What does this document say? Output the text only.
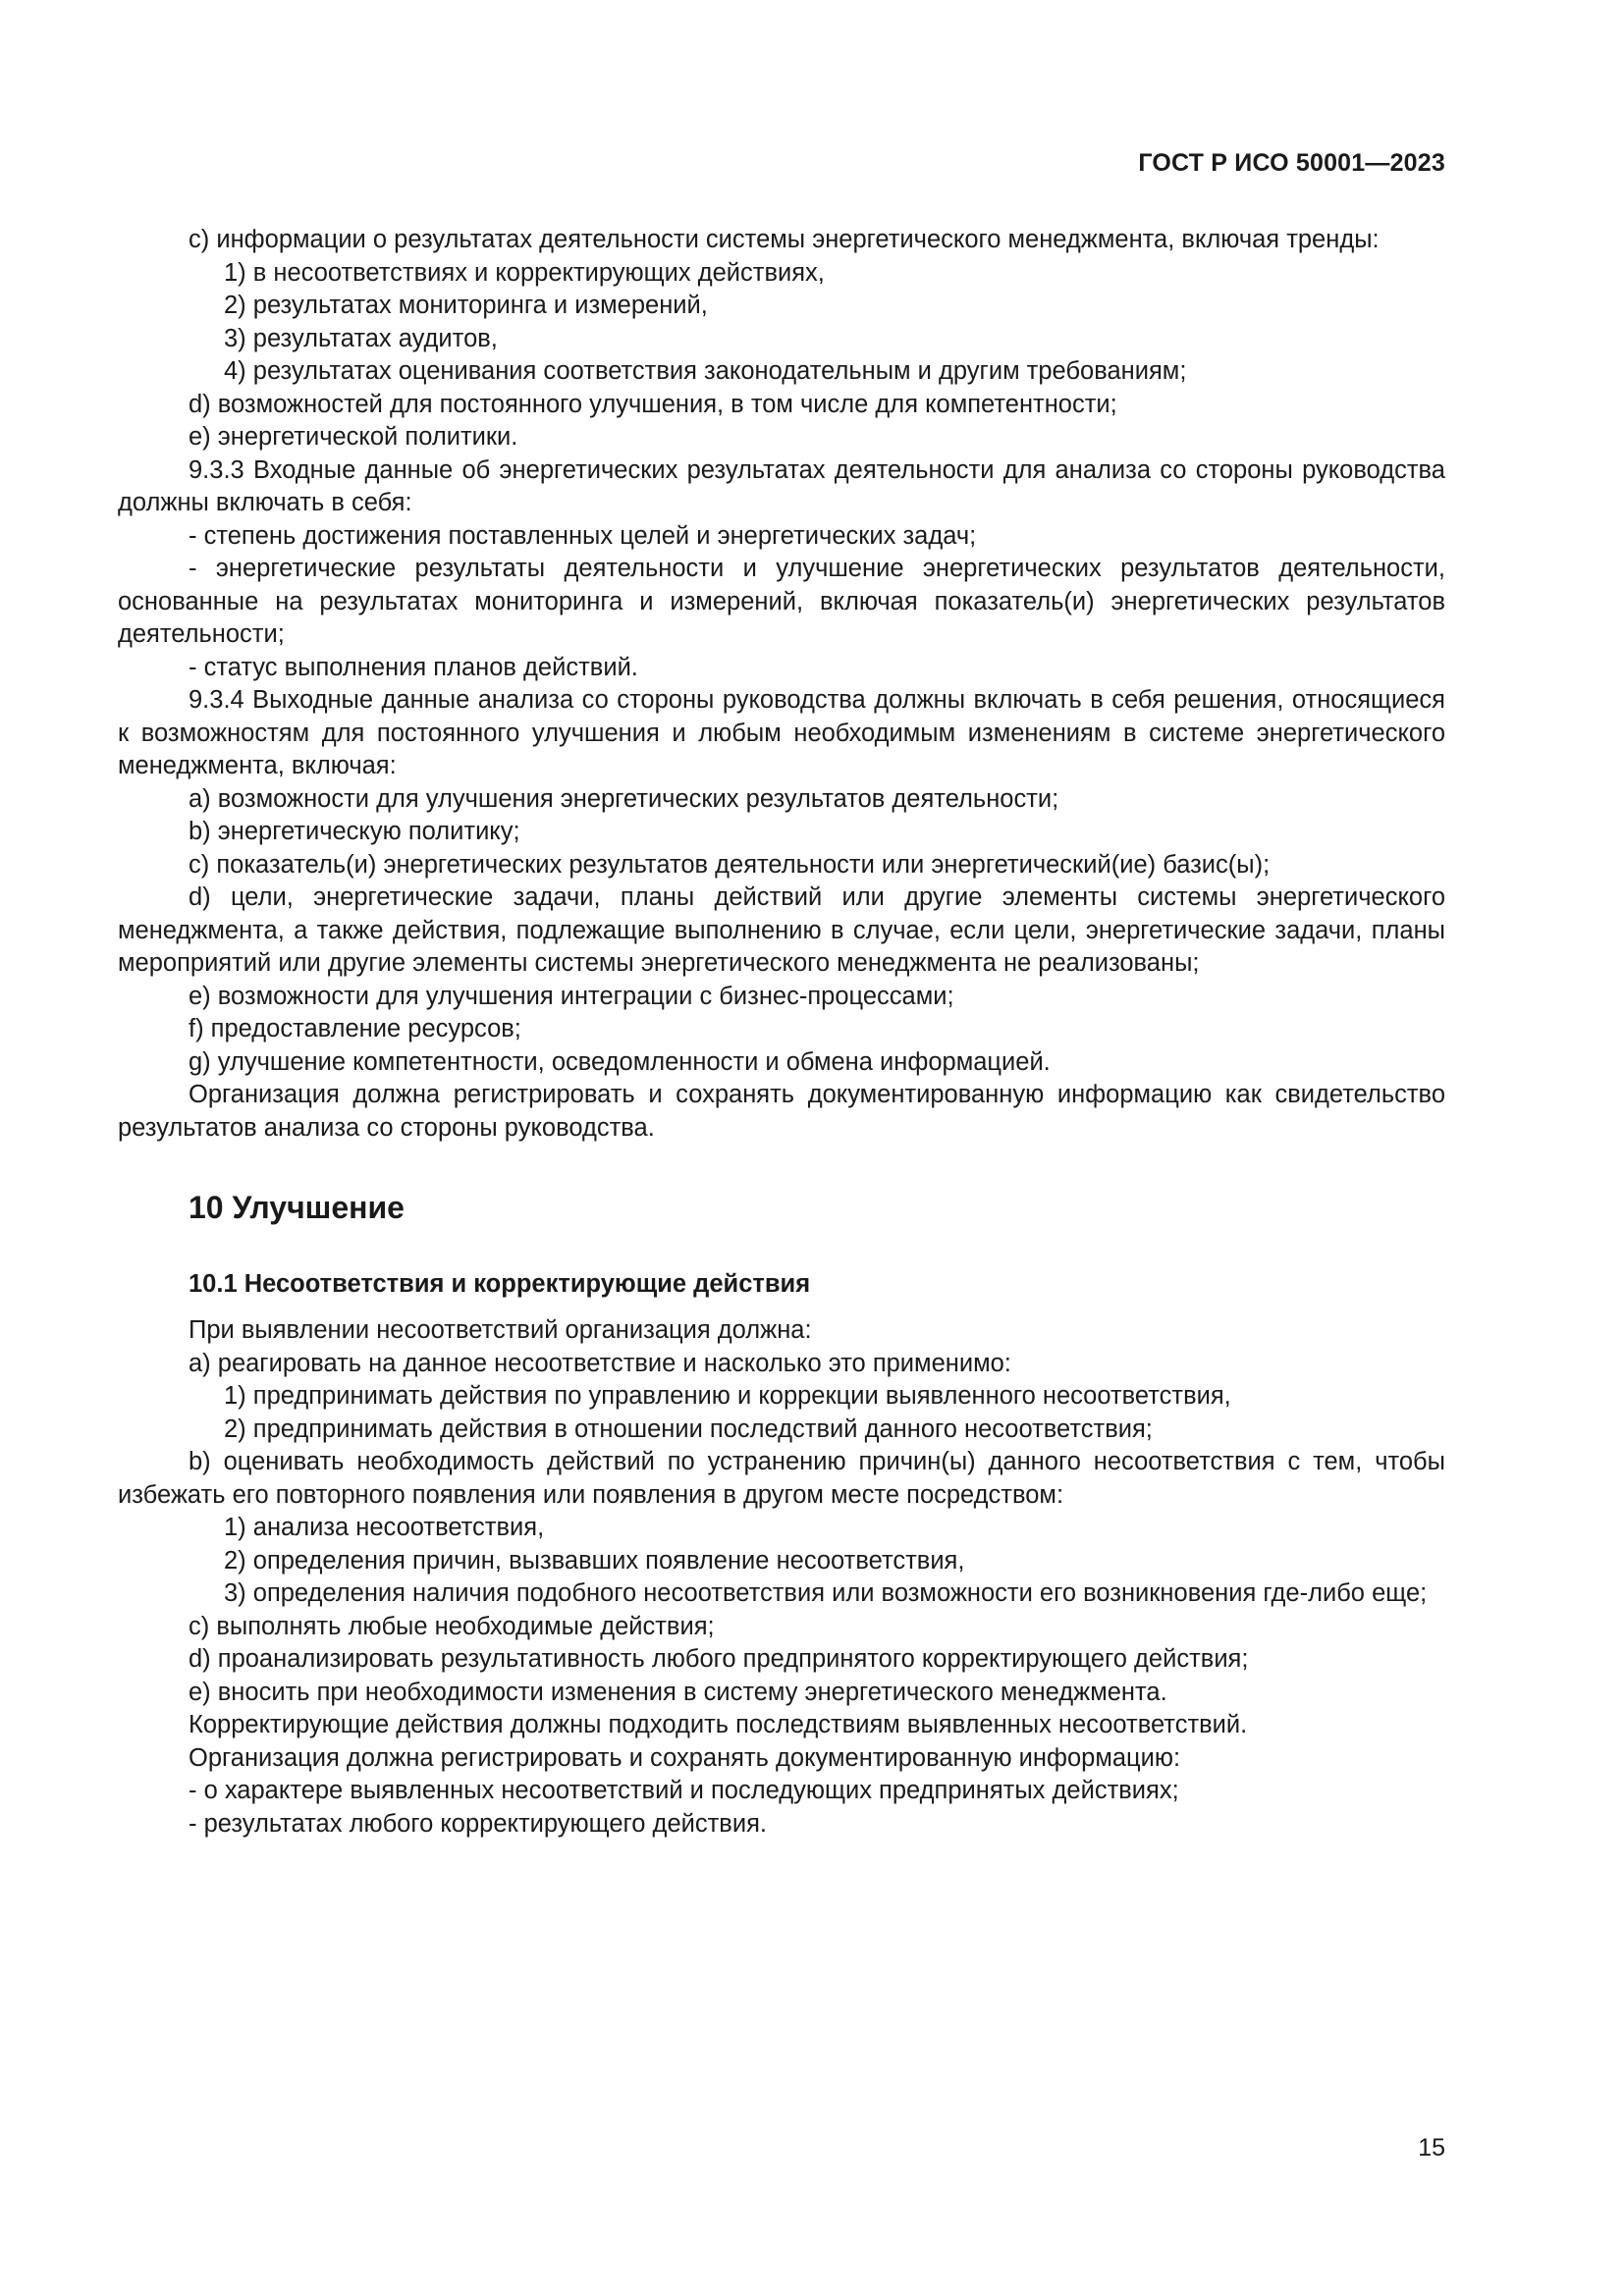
ГОСТ Р ИСО 50001—2023

c) информации о результатах деятельности системы энергетического менеджмента, включая тренды:

1) в несоответствиях и корректирующих действиях,

2) результатах мониторинга и измерений,

3) результатах аудитов,

4) результатах оценивания соответствия законодательным и другим требованиям;

d) возможностей для постоянного улучшения, в том числе для компетентности;

e) энергетической политики.

9.3.3 Входные данные об энергетических результатах деятельности для анализа со стороны руководства должны включать в себя:

- степень достижения поставленных целей и энергетических задач;

- энергетические результаты деятельности и улучшение энергетических результатов деятельности, основанные на результатах мониторинга и измерений, включая показатель(и) энергетических результатов деятельности;

- статус выполнения планов действий.

9.3.4 Выходные данные анализа со стороны руководства должны включать в себя решения, относящиеся к возможностям для постоянного улучшения и любым необходимым изменениям в системе энергетического менеджмента, включая:

a) возможности для улучшения энергетических результатов деятельности;

b) энергетическую политику;

c) показатель(и) энергетических результатов деятельности или энергетический(ие) базис(ы);

d) цели, энергетические задачи, планы действий или другие элементы системы энергетического менеджмента, а также действия, подлежащие выполнению в случае, если цели, энергетические задачи, планы мероприятий или другие элементы системы энергетического менеджмента не реализованы;

e) возможности для улучшения интеграции с бизнес-процессами;

f) предоставление ресурсов;

g) улучшение компетентности, осведомленности и обмена информацией.

Организация должна регистрировать и сохранять документированную информацию как свидетельство результатов анализа со стороны руководства.

10 Улучшение
10.1 Несоответствия и корректирующие действия

При выявлении несоответствий организация должна:

a) реагировать на данное несоответствие и насколько это применимо:

1) предпринимать действия по управлению и коррекции выявленного несоответствия,

2) предпринимать действия в отношении последствий данного несоответствия;

b) оценивать необходимость действий по устранению причин(ы) данного несоответствия с тем, чтобы избежать его повторного появления или появления в другом месте посредством:

1) анализа несоответствия,

2) определения причин, вызвавших появление несоответствия,

3) определения наличия подобного несоответствия или возможности его возникновения где-либо еще;

c) выполнять любые необходимые действия;

d) проанализировать результативность любого предпринятого корректирующего действия;

e) вносить при необходимости изменения в систему энергетического менеджмента.

Корректирующие действия должны подходить последствиям выявленных несоответствий.

Организация должна регистрировать и сохранять документированную информацию:

- о характере выявленных несоответствий и последующих предпринятых действиях;

- результатах любого корректирующего действия.

15
